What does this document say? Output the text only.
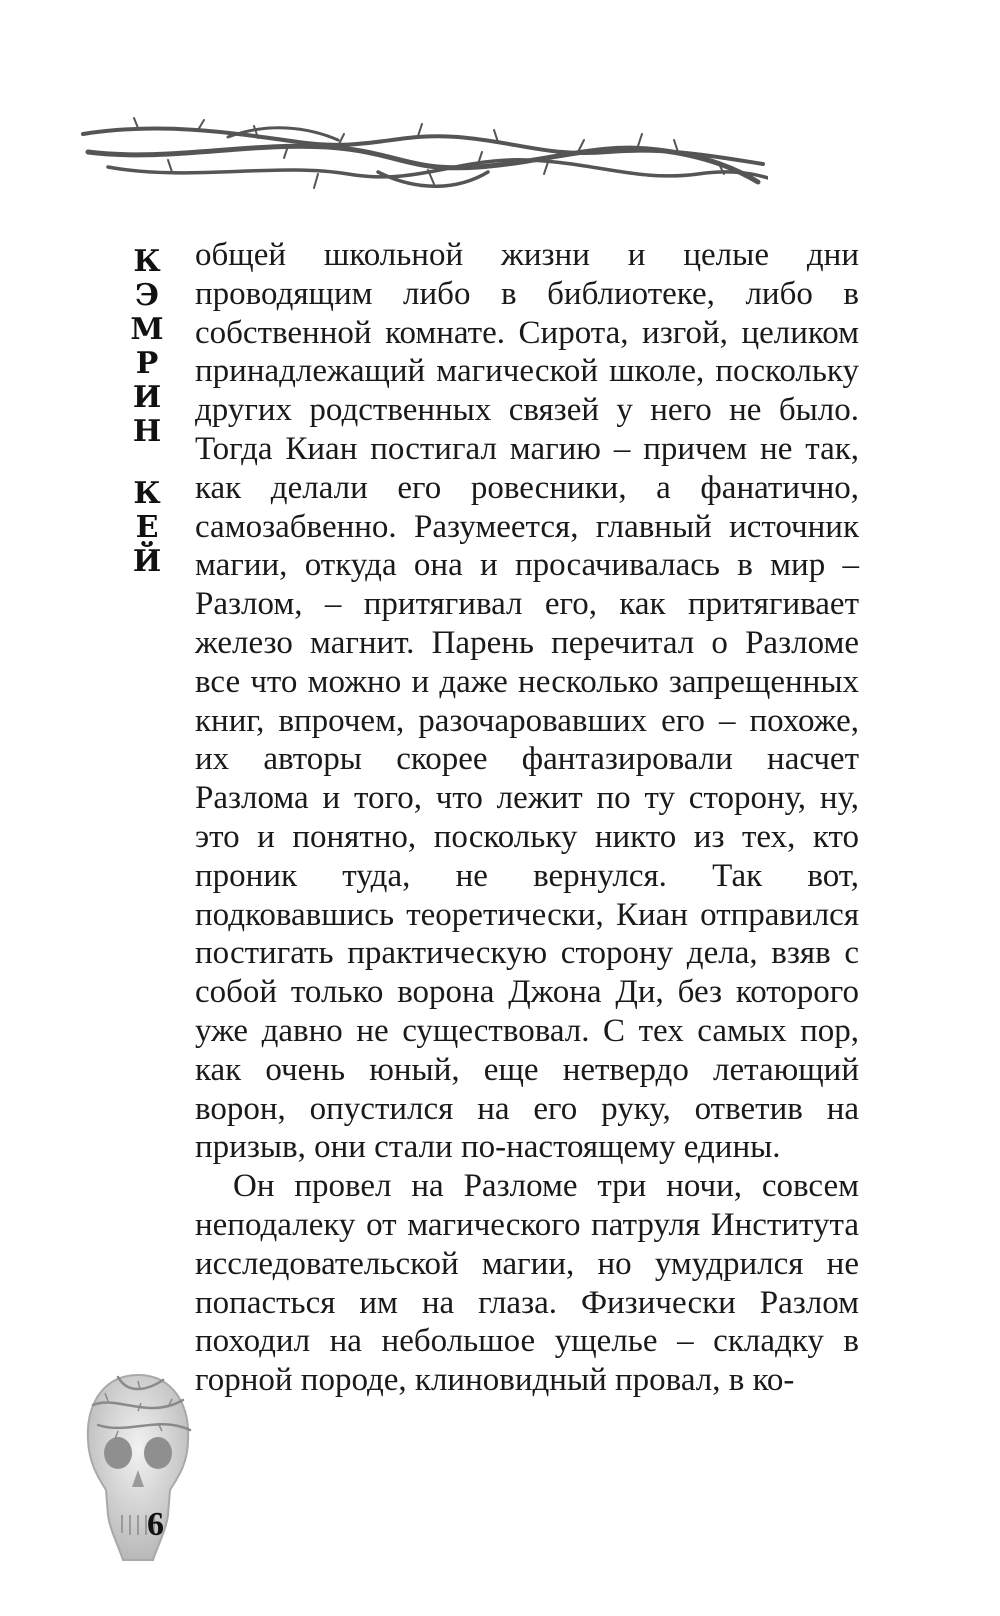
К
Э
М
Р
И
Н
К
Е
Й

общей школьной жизни и целые дни проводящим либо в библиотеке, либо в собственной комнате. Сирота, изгой, целиком принадлежащий магической школе, поскольку других родственных связей у него не было. Тогда Киан постигал магию – причем не так, как делали его ровесники, а фанатично, самозабвенно. Разумеется, главный источник магии, откуда она и просачивалась в мир – Разлом, – притягивал его, как притягивает железо магнит. Парень перечитал о Разломе все что можно и даже несколько запрещенных книг, впрочем, разочаровавших его – похоже, их авторы скорее фантазировали насчет Разлома и того, что лежит по ту сторону, ну, это и понятно, поскольку никто из тех, кто проник туда, не вернулся. Так вот, подковавшись теоретически, Киан отправился постигать практическую сторону дела, взяв с собой только ворона Джона Ди, без которого уже давно не существовал. С тех самых пор, как очень юный, еще нетвердо летающий ворон, опустился на его руку, ответив на призыв, они стали по-настоящему едины.

Он провел на Разломе три ночи, совсем неподалеку от магического патруля Института исследовательской магии, но умудрился не попасться им на глаза. Физически Разлом походил на небольшое ущелье – складку в горной породе, клиновидный провал, в ко-

6
